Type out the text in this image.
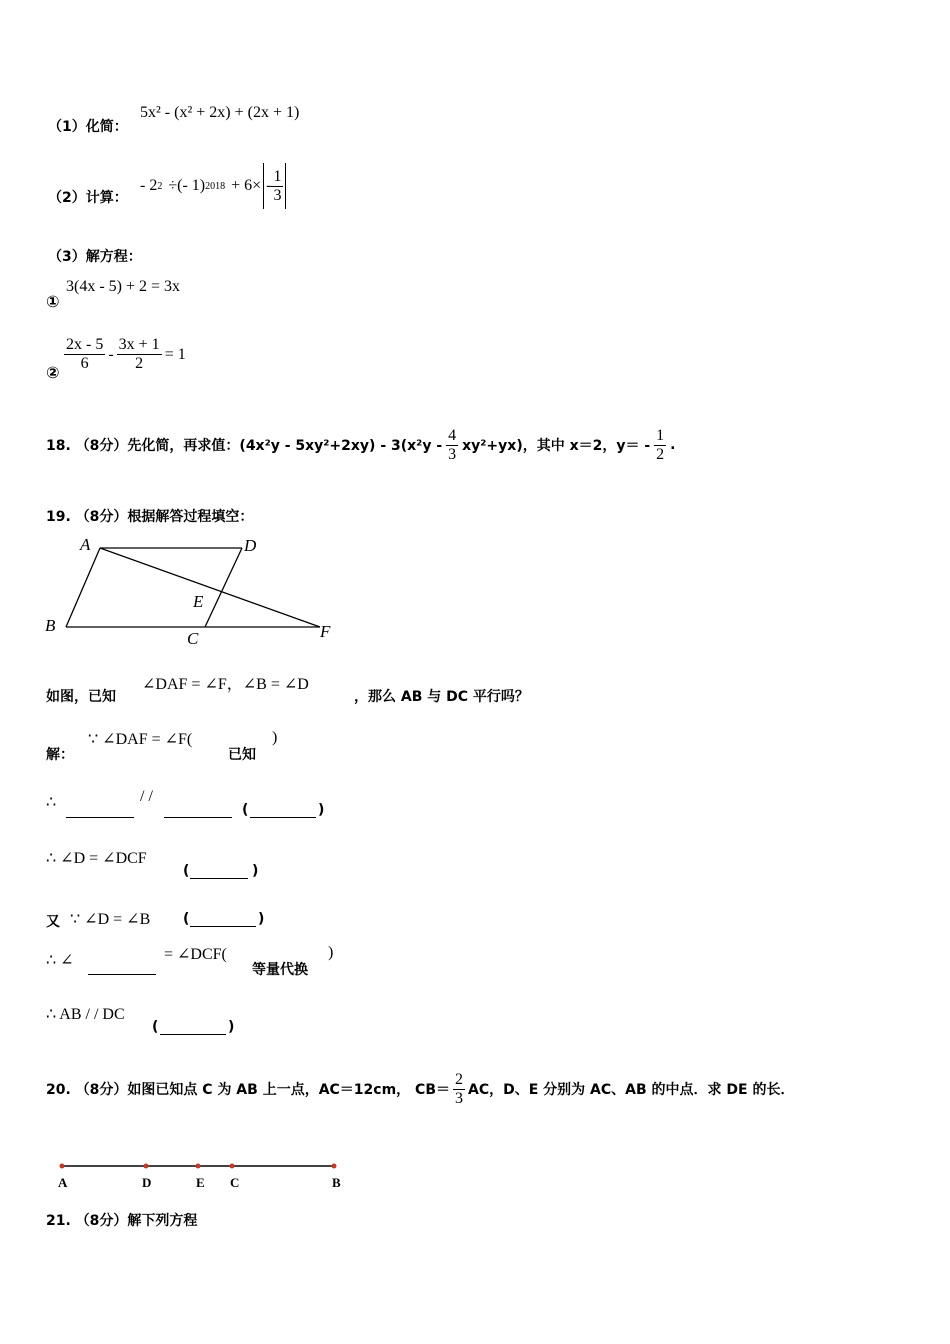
（1）化简：
5x² - (x² + 2x) + (2x + 1)
（2）计算：
- 2 2 ÷(- 1) $2018 + 6\times - \frac{1}{3}$
（3）解方程：
①
3(4x - 5) + 2 = 3x
② $\frac{2x - 5}{6} - \frac{3x + 1}{2} = 1$
18. （8分）先化简，再求值：$(4x^2y - 5xy^2+2xy) - 3(x^2y - \frac{4}{3} xy^2+yx)$，其中 x＝2，$y= - \frac{1}{2}$ .
19. （8分）根据解答过程填空：
A	D
E
B
C	F
如图，已知
∠DAF = ∠F，∠B = ∠D
，那么 AB 与 DC 平行吗？
解：
∵ ∠DAF = ∠F(
已知
)
∴	/ /
(	)
∴ ∠D = ∠DCF
(	)
又 ∵ ∠D = ∠B (	)
∴ ∠	= ∠DCF(
等量代换
)
∴ AB / / DC
(	)
20. （8分）如图已知点 C 为 AB 上一点，AC＝12cm， $CB= \frac{2}{3}$ AC，D、E 分别为 AC、AB 的中点．求 DE 的长．
A	D	E C	B
21. （8分）解下列方程
